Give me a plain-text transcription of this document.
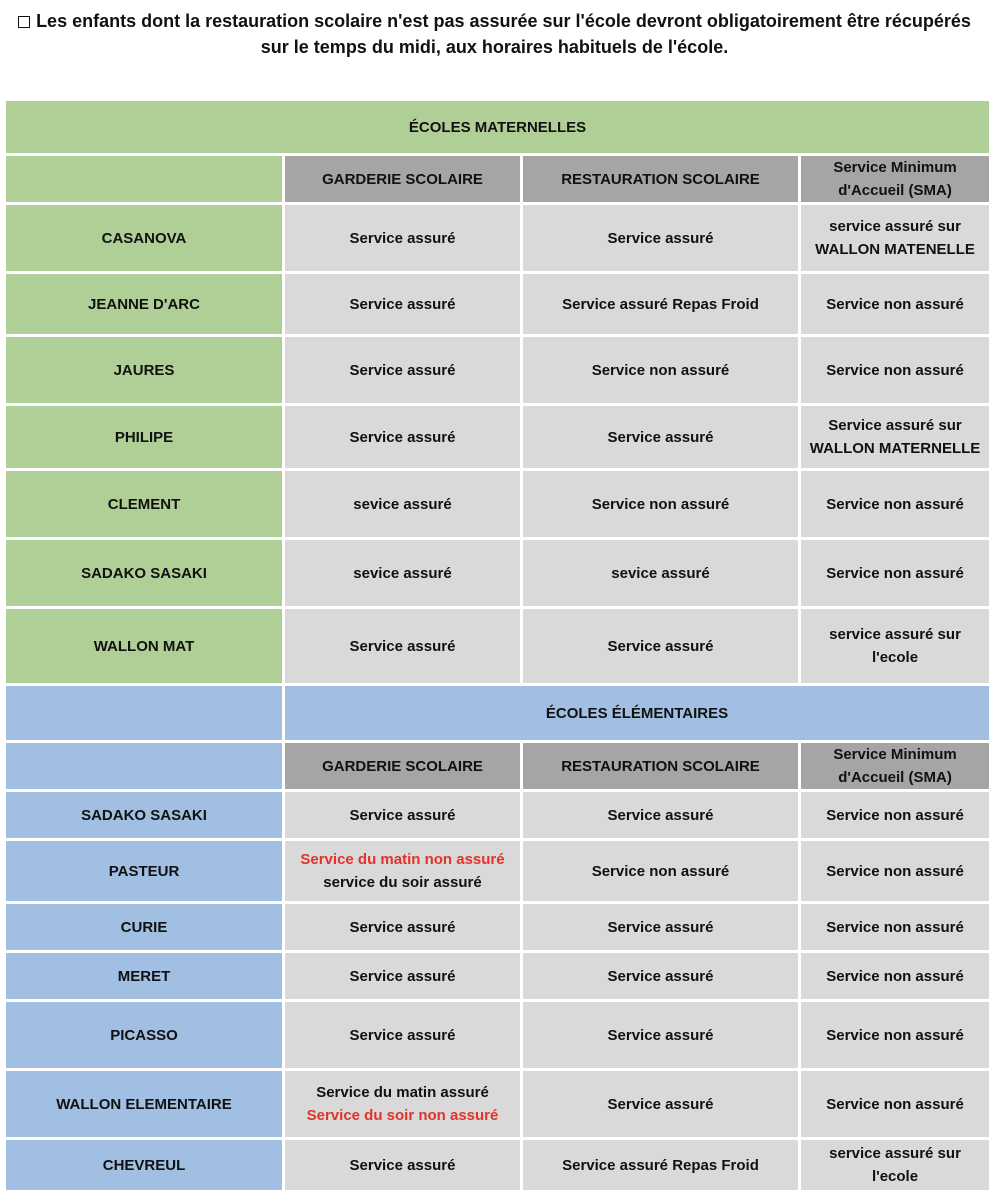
Les enfants dont la restauration scolaire n'est pas assurée sur l'école devront obligatoirement être récupérés
sur le temps du midi, aux horaires habituels de l'école.
ÉCOLES MATERNELLES			
	GARDERIE SCOLAIRE	RESTAURATION SCOLAIRE	Service Minimum
d'Accueil (SMA)

CASANOVA	Service assuré	Service assuré	service assuré sur
WALLON MATENELLE

JEANNE D'ARC	Service assuré	Service assuré Repas Froid	Service non assuré
JAURES	Service assuré	Service non assuré	Service non assuré
PHILIPE	Service assuré	Service assuré	Service assuré sur
WALLON MATERNELLE

CLEMENT	sevice assuré	Service non assuré	Service non assuré
SADAKO SASAKI	sevice assuré	sevice assuré	Service non assuré
WALLON MAT	Service assuré	Service assuré	service assuré sur
l'ecole

	ÉCOLES ÉLÉMENTAIRES		
	GARDERIE SCOLAIRE	RESTAURATION SCOLAIRE	Service Minimum
d'Accueil (SMA)

SADAKO SASAKI	Service assuré	Service assuré	Service non assuré
PASTEUR	Service du matin non assuré
service du soir assuré	Service non assuré	Service non assuré
CURIE	Service assuré	Service assuré	Service non assuré
MERET	Service assuré	Service assuré	Service non assuré
PICASSO	Service assuré	Service assuré	Service non assuré
WALLON ELEMENTAIRE	Service du matin assuré
Service du soir non assuré	Service assuré	Service non assuré
CHEVREUL	Service assuré	Service assuré Repas Froid	service assuré sur
l'ecole
